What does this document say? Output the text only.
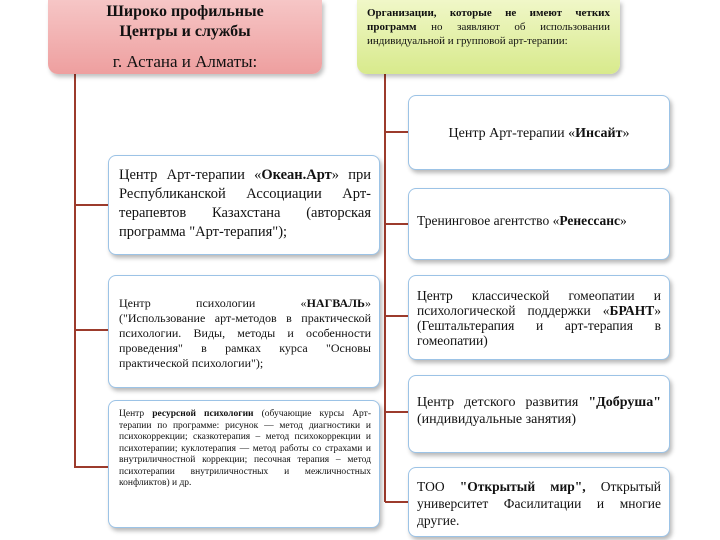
Широко профильные
Центры и службы
г. Астана и Алматы:
Организации, которые не имеют четких программ но заявляют об использовании индивидуальной и групповой арт-терапии:
Центр Арт-терапии «Инсайт»
Центр Арт-терапии «Океан.Арт» при Республиканской Ассоциации Арт-терапевтов Казахстана (авторская программа "Арт-терапия");
Тренинговое агентство «Ренессанс»
Центр психологии «НАГВАЛЬ» ("Использование арт-методов в практической психологии. Виды, методы и особенности проведения" в рамках курса "Основы практической психологии");
Центр классической гомеопатии и психологической поддержки «БРАНТ» (Гештальтерапия и арт-терапия в гомеопатии)
Центр детского развития "Добруша" (индивидуальные занятия)
Центр ресурсной психологии (обучающие курсы Арт-терапии по программе: рисунок — метод диагностики и психокоррекции; сказкотерапия – метод психокоррекции и психотерапии; куклотерапия — метод работы со страхами и внутриличностной коррекции; песочная терапия – метод психотерапии внутриличностных и межличностных конфликтов) и др.	ТОО "Открытый мир", Открытый университет Фасилитации и многие другие.
